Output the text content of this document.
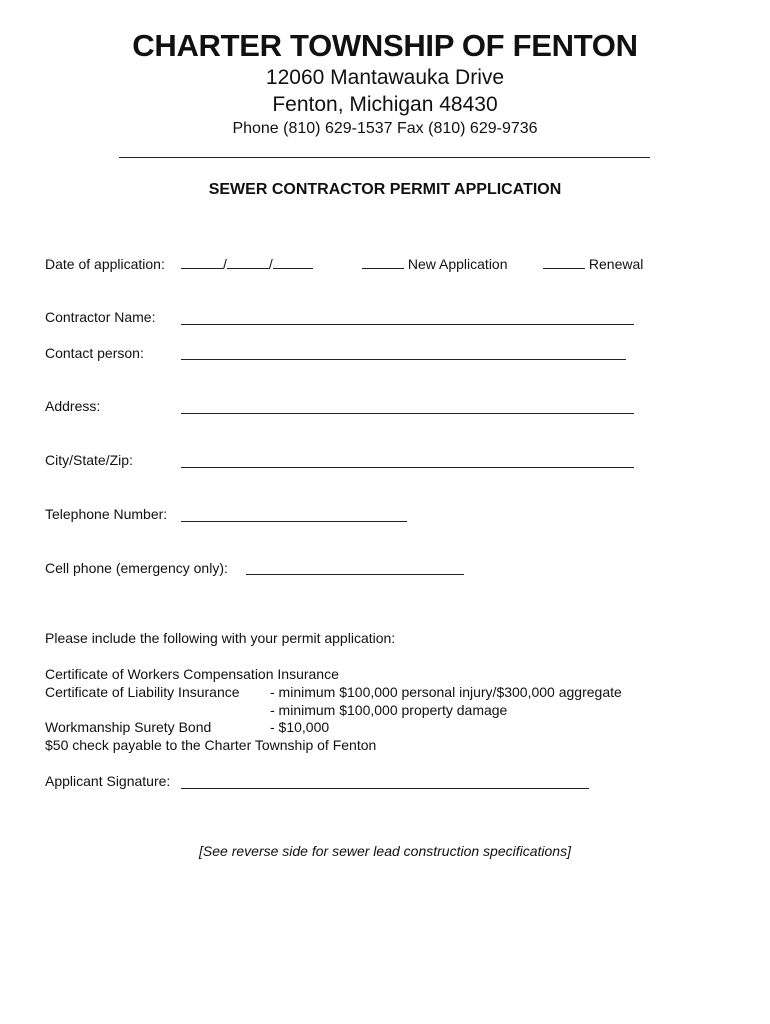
CHARTER TOWNSHIP OF FENTON
12060 Mantawauka Drive
Fenton, Michigan 48430
Phone (810) 629-1537 Fax (810) 629-9736
SEWER CONTRACTOR PERMIT APPLICATION
Date of application:	/	/	New Application	Renewal
Contractor Name:
Contact person:
Address:
City/State/Zip:
Telephone Number:
Cell phone (emergency only):
Please include the following with your permit application:
Certificate of Workers Compensation Insurance
Certificate of Liability Insurance - minimum $100,000 personal injury/$300,000 aggregate
- minimum $100,000 property damage
Workmanship Surety Bond	- $10,000
$50 check payable to the Charter Township of Fenton
Applicant Signature:
[See reverse side for sewer lead construction specifications]
